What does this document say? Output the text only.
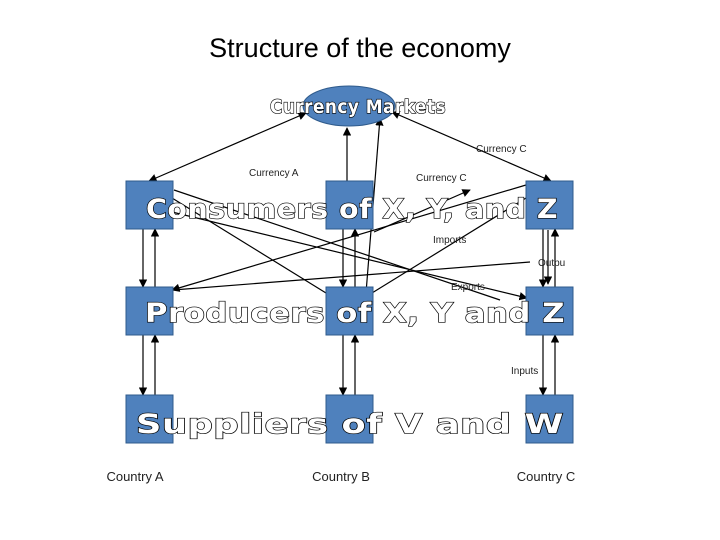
Structure of the economy
Currency Markets
Consumers of X, Y, and Z
Producers of X, Y and Z
Suppliers of V and W
Currency C
Currency A	Currency C
Imports
Outpu
Exports
Inputs
Country A	Country B	Country C
